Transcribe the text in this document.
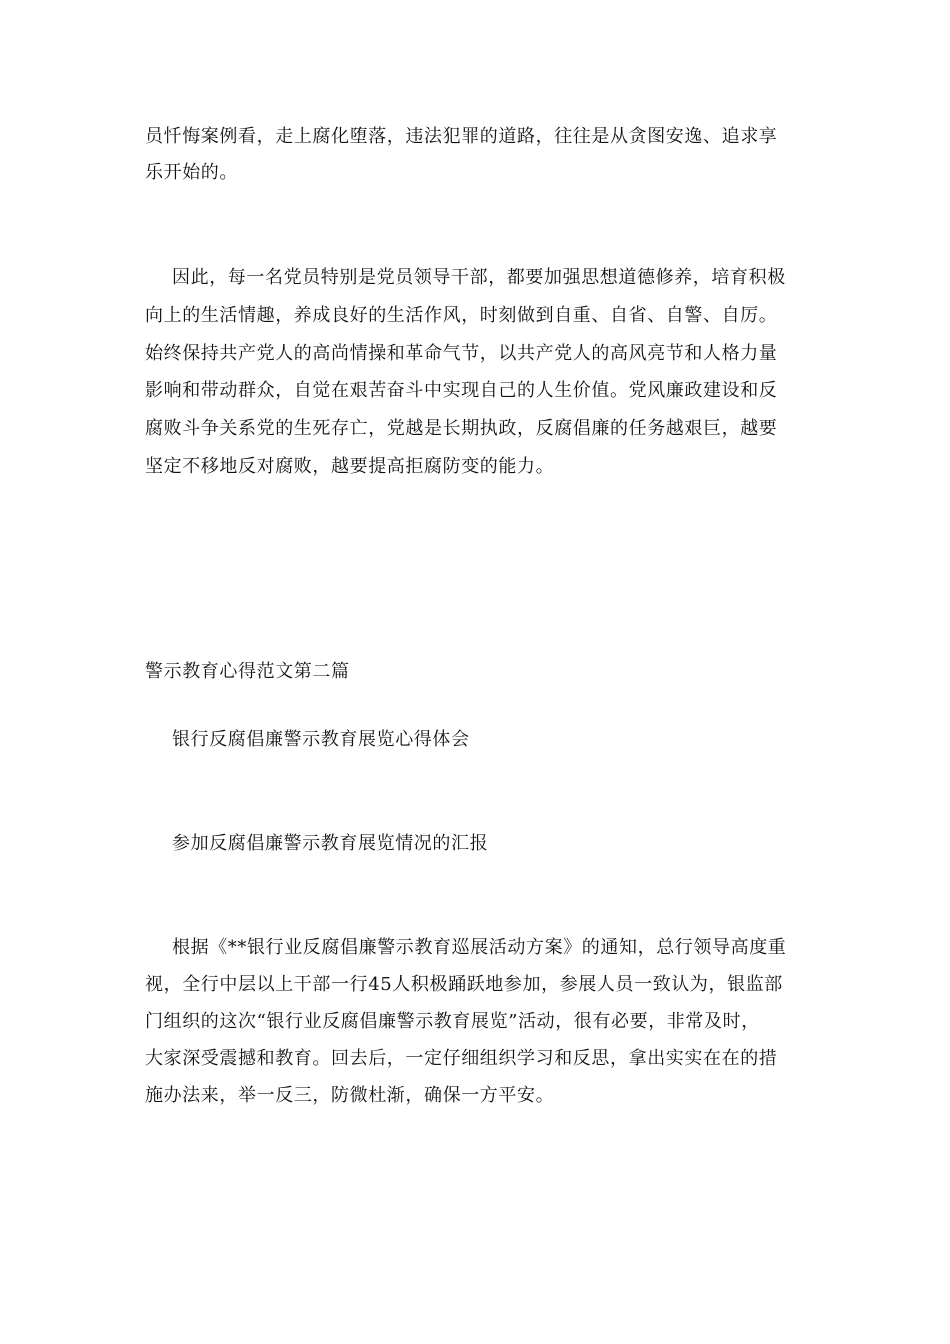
员忏悔案例看，走上腐化堕落，违法犯罪的道路，往往是从贪图安逸、追求享
乐开始的。
因此，每一名党员特别是党员领导干部，都要加强思想道德修养，培育积极
向上的生活情趣，养成良好的生活作风，时刻做到自重、自省、自警、自厉。
始终保持共产党人的高尚情操和革命气节，以共产党人的高风亮节和人格力量
影响和带动群众，自觉在艰苦奋斗中实现自己的人生价值。党风廉政建设和反
腐败斗争关系党的生死存亡，党越是长期执政，反腐倡廉的任务越艰巨，越要
坚定不移地反对腐败，越要提高拒腐防变的能力。
警示教育心得范文第二篇
银行反腐倡廉警示教育展览心得体会
参加反腐倡廉警示教育展览情况的汇报
根据《**银行业反腐倡廉警示教育巡展活动方案》的通知，总行领导高度重
视，全行中层以上干部一行45人积极踊跃地参加，参展人员一致认为，银监部
门组织的这次“银行业反腐倡廉警示教育展览”活动，很有必要，非常及时，
大家深受震撼和教育。回去后，一定仔细组织学习和反思，拿出实实在在的措
施办法来，举一反三，防微杜渐，确保一方平安。
